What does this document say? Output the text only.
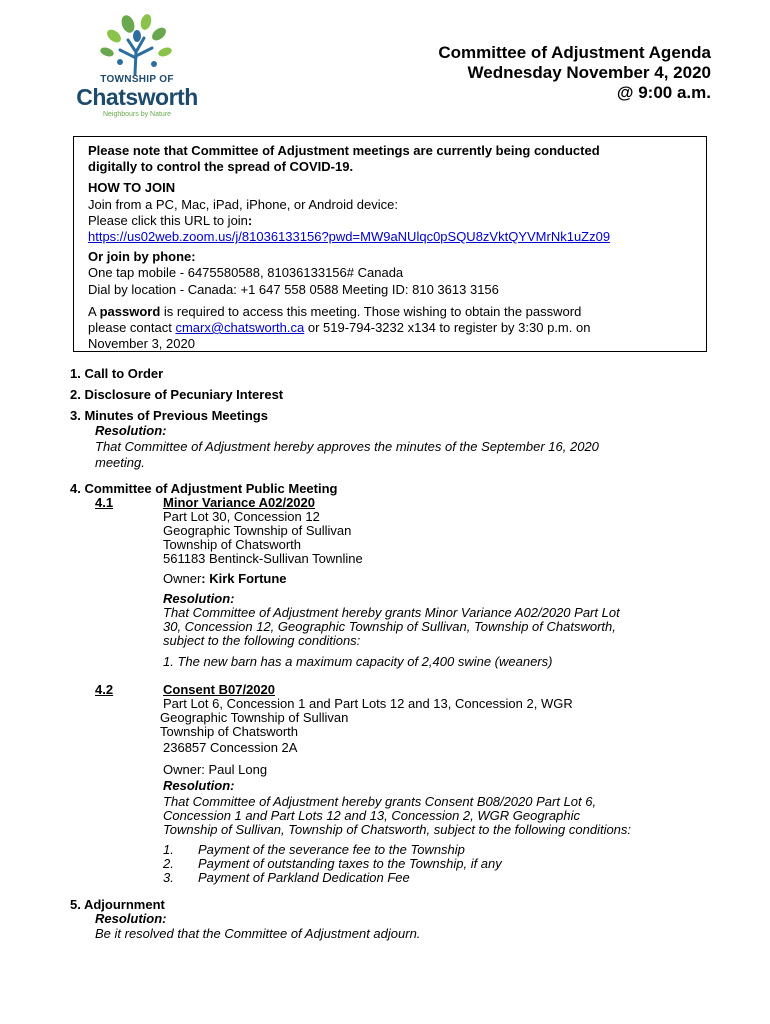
TOWNSHIP OF
Chatsworth
Neighbours by Nature
Committee of Adjustment Agenda
Wednesday November 4, 2020
@ 9:00 a.m.
Please note that Committee of Adjustment meetings are currently being conducted
digitally to control the spread of COVID-19.
HOW TO JOIN
Join from a PC, Mac, iPad, iPhone, or Android device:
Please click this URL to join:
https://us02web.zoom.us/j/81036133156?pwd=MW9aNUlqc0pSQU8zVktQYVMrNk1uZz09
Or join by phone:
One tap mobile - 6475580588, 81036133156# Canada
Dial by location - Canada: +1 647 558 0588 Meeting ID: 810 3613 3156
A password is required to access this meeting. Those wishing to obtain the password
please contact cmarx@chatsworth.ca or 519-794-3232 x134 to register by 3:30 p.m. on
November 3, 2020
1. Call to Order
2. Disclosure of Pecuniary Interest
3. Minutes of Previous Meetings
Resolution:
That Committee of Adjustment hereby approves the minutes of the September 16, 2020
meeting.
4. Committee of Adjustment Public Meeting
4.1	Minor Variance A02/2020
Part Lot 30, Concession 12
Geographic Township of Sullivan
Township of Chatsworth
561183 Bentinck-Sullivan Townline
Owner: Kirk Fortune
Resolution:
That Committee of Adjustment hereby grants Minor Variance A02/2020 Part Lot
30, Concession 12, Geographic Township of Sullivan, Township of Chatsworth,
subject to the following conditions:
1. The new barn has a maximum capacity of 2,400 swine (weaners)
4.2	Consent B07/2020
Part Lot 6, Concession 1 and Part Lots 12 and 13, Concession 2, WGR
Geographic Township of Sullivan
Township of Chatsworth
236857 Concession 2A
Owner: Paul Long
Resolution:
That Committee of Adjustment hereby grants Consent B08/2020 Part Lot 6,
Concession 1 and Part Lots 12 and 13, Concession 2, WGR Geographic
Township of Sullivan, Township of Chatsworth, subject to the following conditions:
1. Payment of the severance fee to the Township
2. Payment of outstanding taxes to the Township, if any
3. Payment of Parkland Dedication Fee
5. Adjournment
Resolution:
Be it resolved that the Committee of Adjustment adjourn.
